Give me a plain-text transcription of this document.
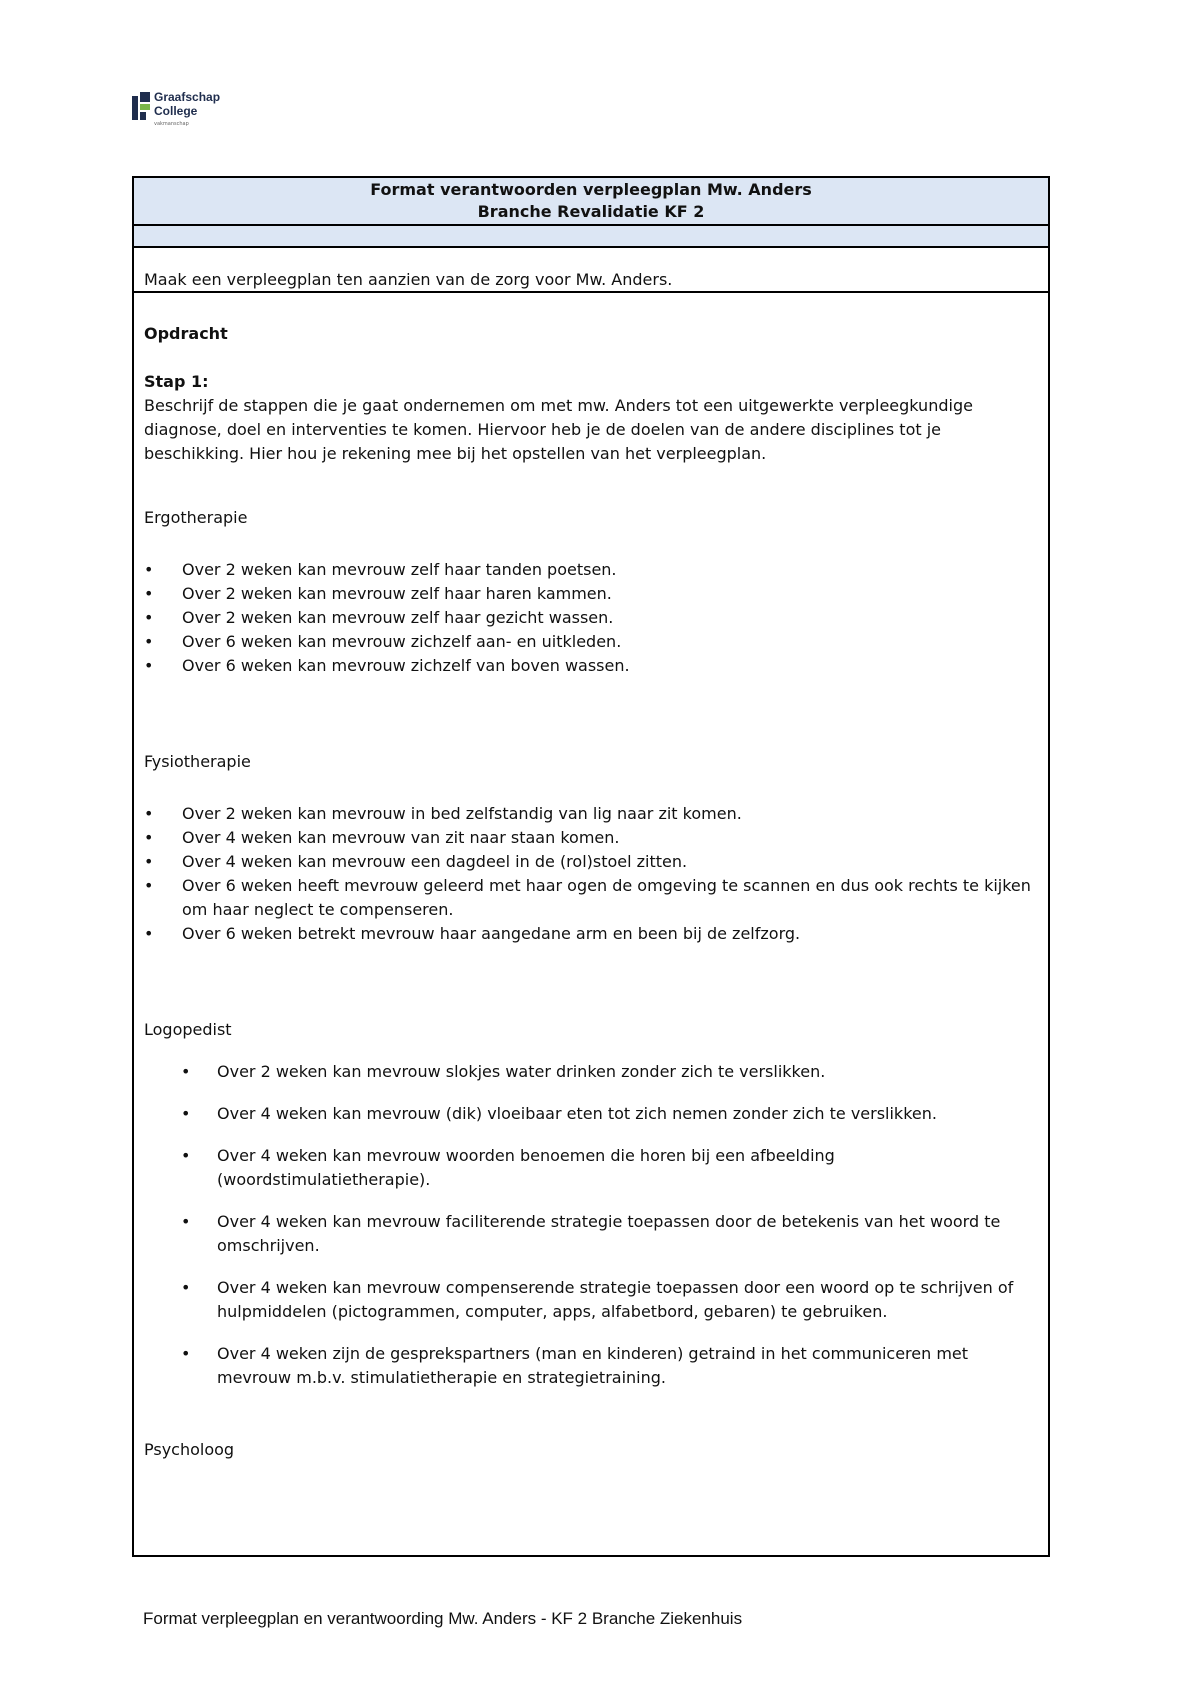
Graafschap
College
vakmanschap
Format verantwoorden verpleegplan Mw. Anders
Branche Revalidatie KF 2
Maak een verpleegplan ten aanzien van de zorg voor Mw. Anders.

Opdracht

Stap 1:

Beschrijf de stappen die je gaat ondernemen om met mw. Anders tot een uitgewerkte verpleegkundige diagnose, doel en interventies te komen. Hiervoor heb je de doelen van de andere disciplines tot je beschikking. Hier hou je rekening mee bij het opstellen van het verpleegplan.

Ergotherapie

• Over 2 weken kan mevrouw zelf haar tanden poetsen.
• Over 2 weken kan mevrouw zelf haar haren kammen.
• Over 2 weken kan mevrouw zelf haar gezicht wassen.
• Over 6 weken kan mevrouw zichzelf aan- en uitkleden.
• Over 6 weken kan mevrouw zichzelf van boven wassen.

Fysiotherapie

• Over 2 weken kan mevrouw in bed zelfstandig van lig naar zit komen.
• Over 4 weken kan mevrouw van zit naar staan komen.
• Over 4 weken kan mevrouw een dagdeel in de (rol)stoel zitten.
• Over 6 weken heeft mevrouw geleerd met haar ogen de omgeving te scannen en dus ook rechts te kijken om haar neglect te compenseren.
• Over 6 weken betrekt mevrouw haar aangedane arm en been bij de zelfzorg.

Logopedist

• Over 2 weken kan mevrouw slokjes water drinken zonder zich te verslikken.
• Over 4 weken kan mevrouw (dik) vloeibaar eten tot zich nemen zonder zich te verslikken.
• Over 4 weken kan mevrouw woorden benoemen die horen bij een afbeelding (woordstimulatietherapie).
• Over 4 weken kan mevrouw faciliterende strategie toepassen door de betekenis van het woord te omschrijven.
• Over 4 weken kan mevrouw compenserende strategie toepassen door een woord op te schrijven of hulpmiddelen (pictogrammen, computer, apps, alfabetbord, gebaren) te gebruiken.
• Over 4 weken zijn de gesprekspartners (man en kinderen) getraind in het communiceren met mevrouw m.b.v. stimulatietherapie en strategietraining.

Psycholoog

Format verpleegplan en verantwoording Mw. Anders - KF 2 Branche Ziekenhuis
